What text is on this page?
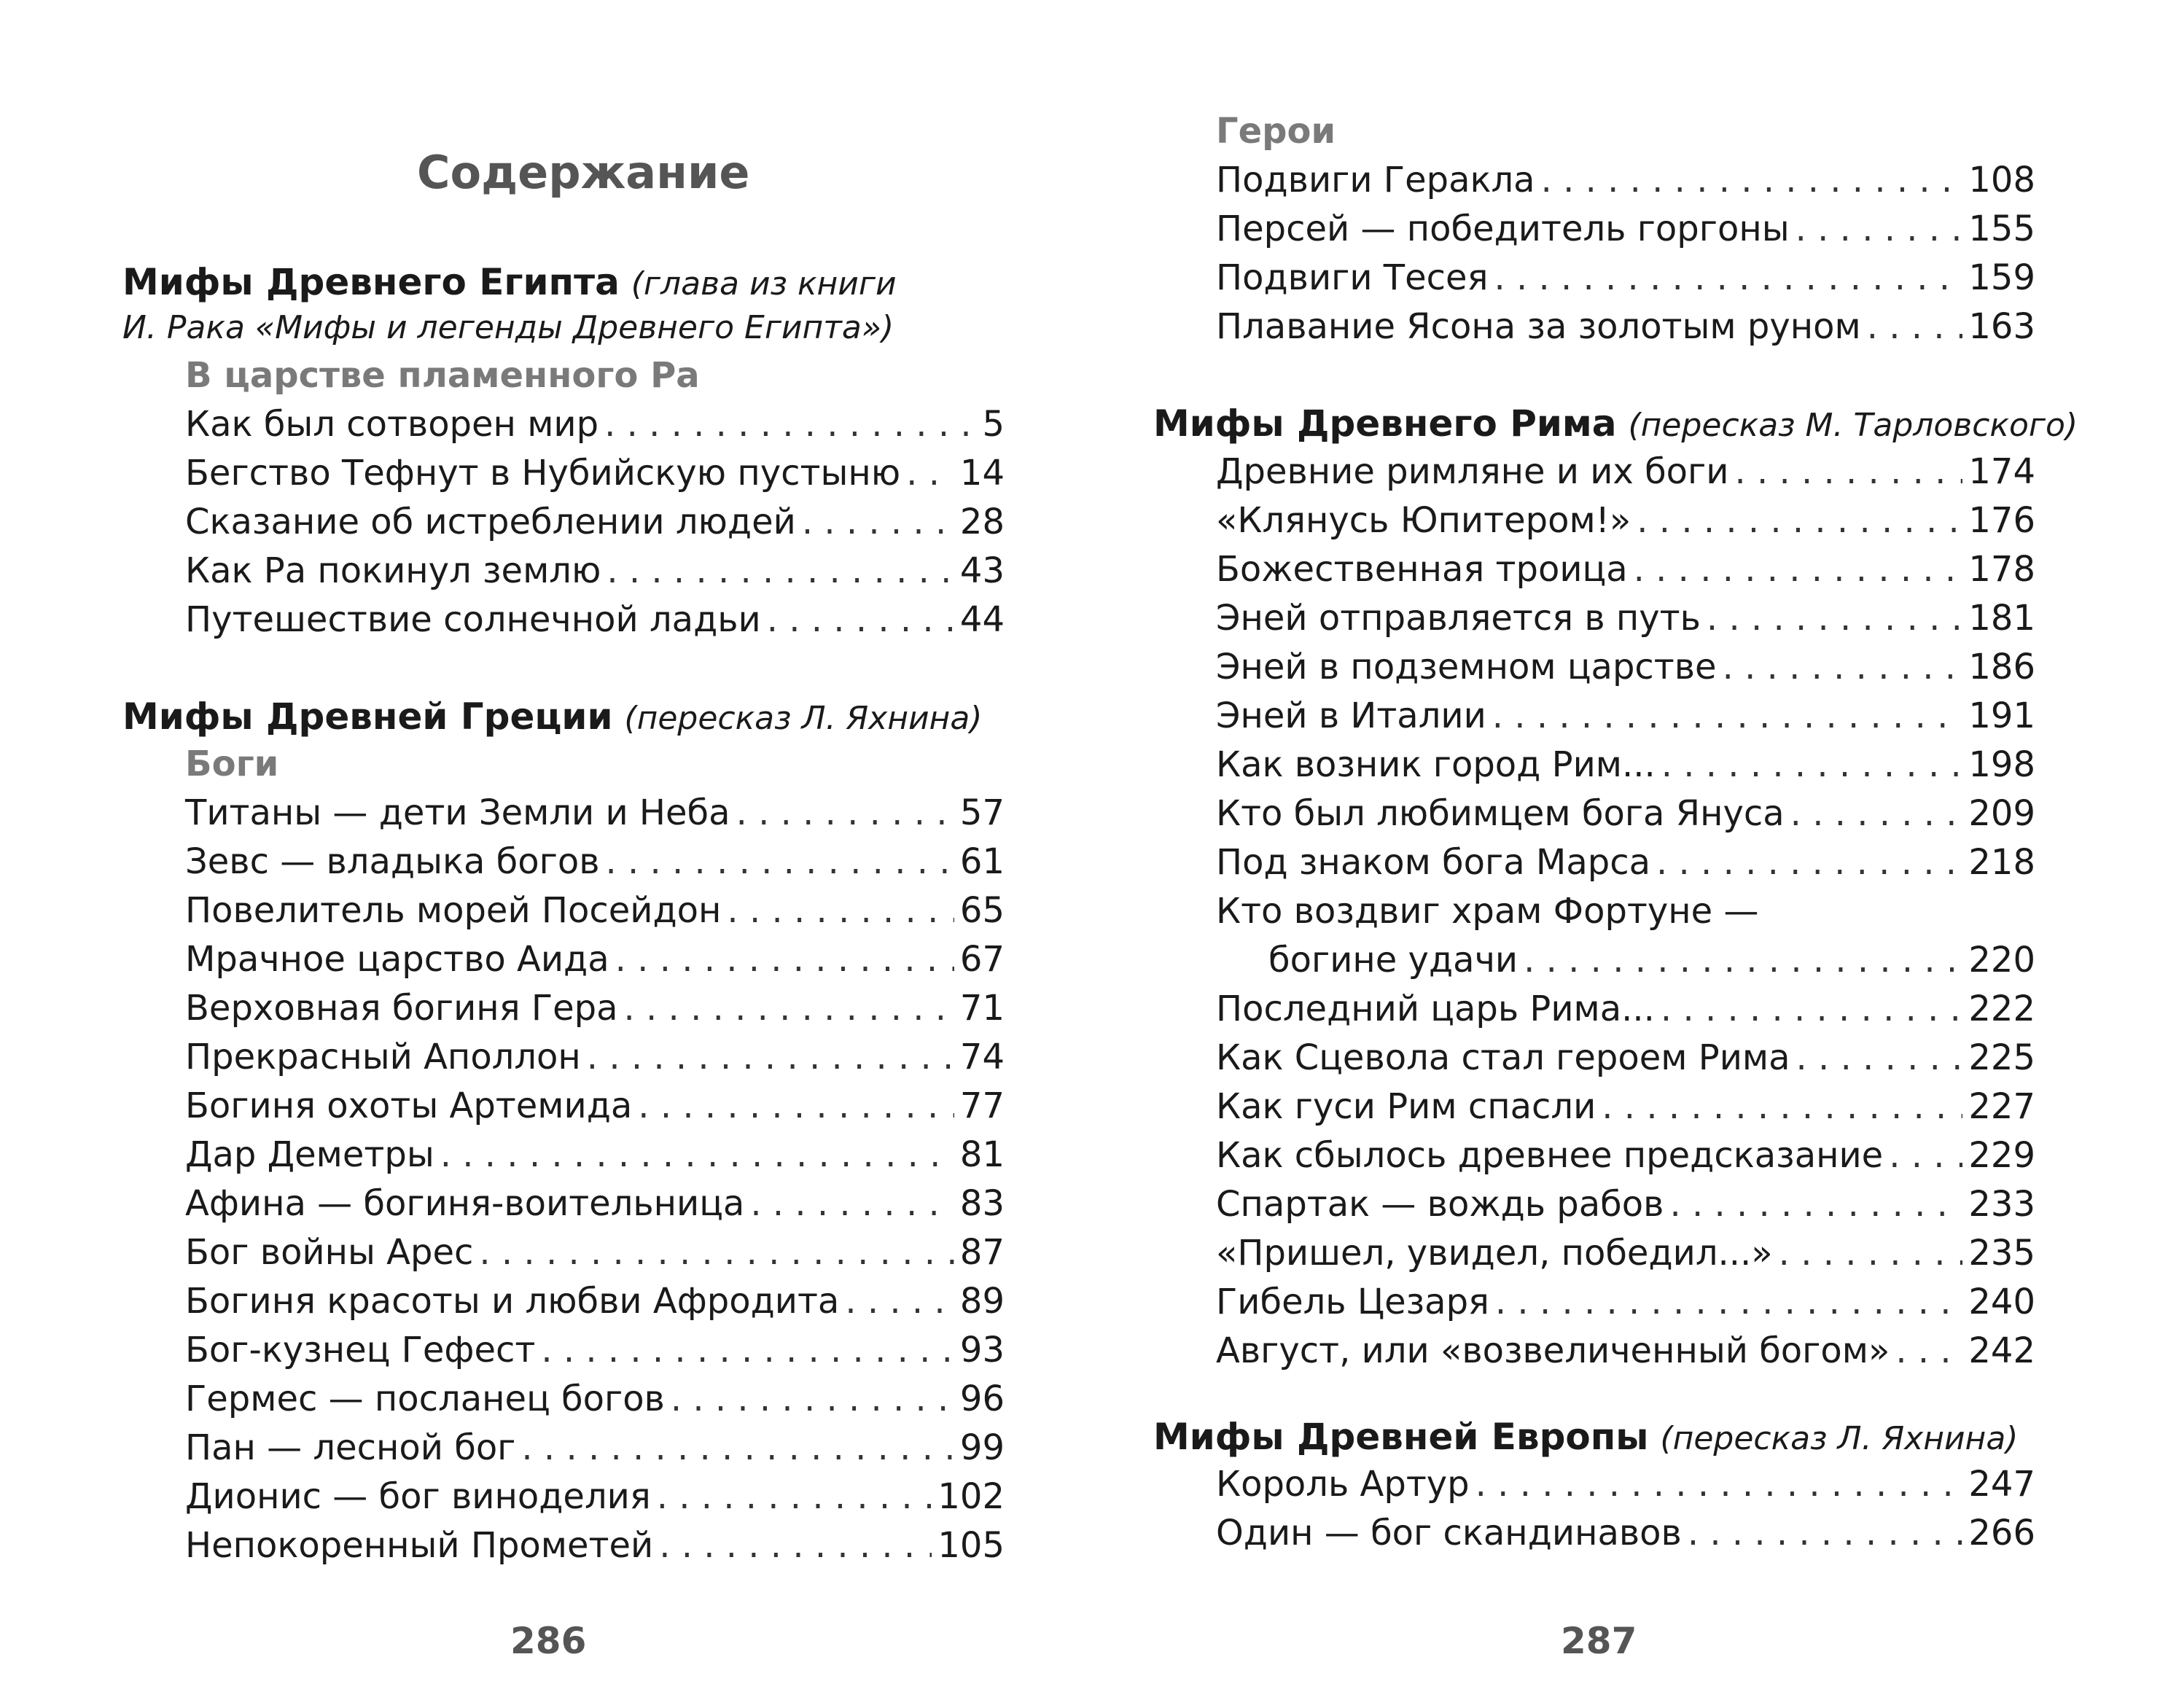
Содержание
Мифы Древнего Египта (глава из книги
И. Рака «Мифы и легенды Древнего Египта»)
В царстве пламенного Ра
Как был сотворен мир . . .	5
Бегство Тефнут в Нубийскую пустыню . . . 14
Сказание об истреблении людей . . .	28
Как Ра покинул землю . . .	43
Путешествие солнечной ладьи . . .	44
Мифы Древней Греции (пересказ Л. Яхнина)
Боги
Титаны — дети Земли и Неба . . .	57
Зевс — владыка богов . . .	61
Повелитель морей Посейдон . . .	65
Мрачное царство Аида . . .	67
Верховная богиня Гера . . .	71
Прекрасный Аполлон . . .	74
Богиня охоты Артемида . . .	77
Дар Деметры . . .	81
Афина — богиня-воительница . . .	83
Бог войны Арес . . .	87
Богиня красоты и любви Афродита . . .	89
Бог-кузнец Гефест . . .	93
Гермес — посланец богов . . .	96
Пан — лесной бог . . .	99
Дионис — бог виноделия . . .	102
Непокоренный Прометей . . .	105
286
Герои
Подвиги Геракла . . .	108
Персей — победитель горгоны . . .	155
Подвиги Тесея . . .	159
Плавание Ясона за золотым руном . . .	163
Мифы Древнего Рима (пересказ М. Тарловского)
Древние римляне и их боги . . .	174
«Клянусь Юпитером!» . . .	176
Божественная троица . . .	178
Эней отправляется в путь . . .	181
Эней в подземном царстве . . .	186
Эней в Италии . . .	191
Как возник город Рим... . . .	198
Кто был любимцем бога Януса . . .	209
Под знаком бога Марса . . .	218
Кто воздвиг храм Фортуне —
богине удачи . . .	220
Последний царь Рима... . . .	222
Как Сцевола стал героем Рима . . .	225
Как гуси Рим спасли . . .	227
Как сбылось древнее предсказание . . . 229
Спартак — вождь рабов . . .	233
«Пришел, увидел, победил...» . . .	235
Гибель Цезаря . . .	240
Август, или «возвеличенный богом» . . . 242
Мифы Древней Европы (пересказ Л. Яхнина)
Король Артур . . .	247
Один — бог скандинавов . . .	266
287
